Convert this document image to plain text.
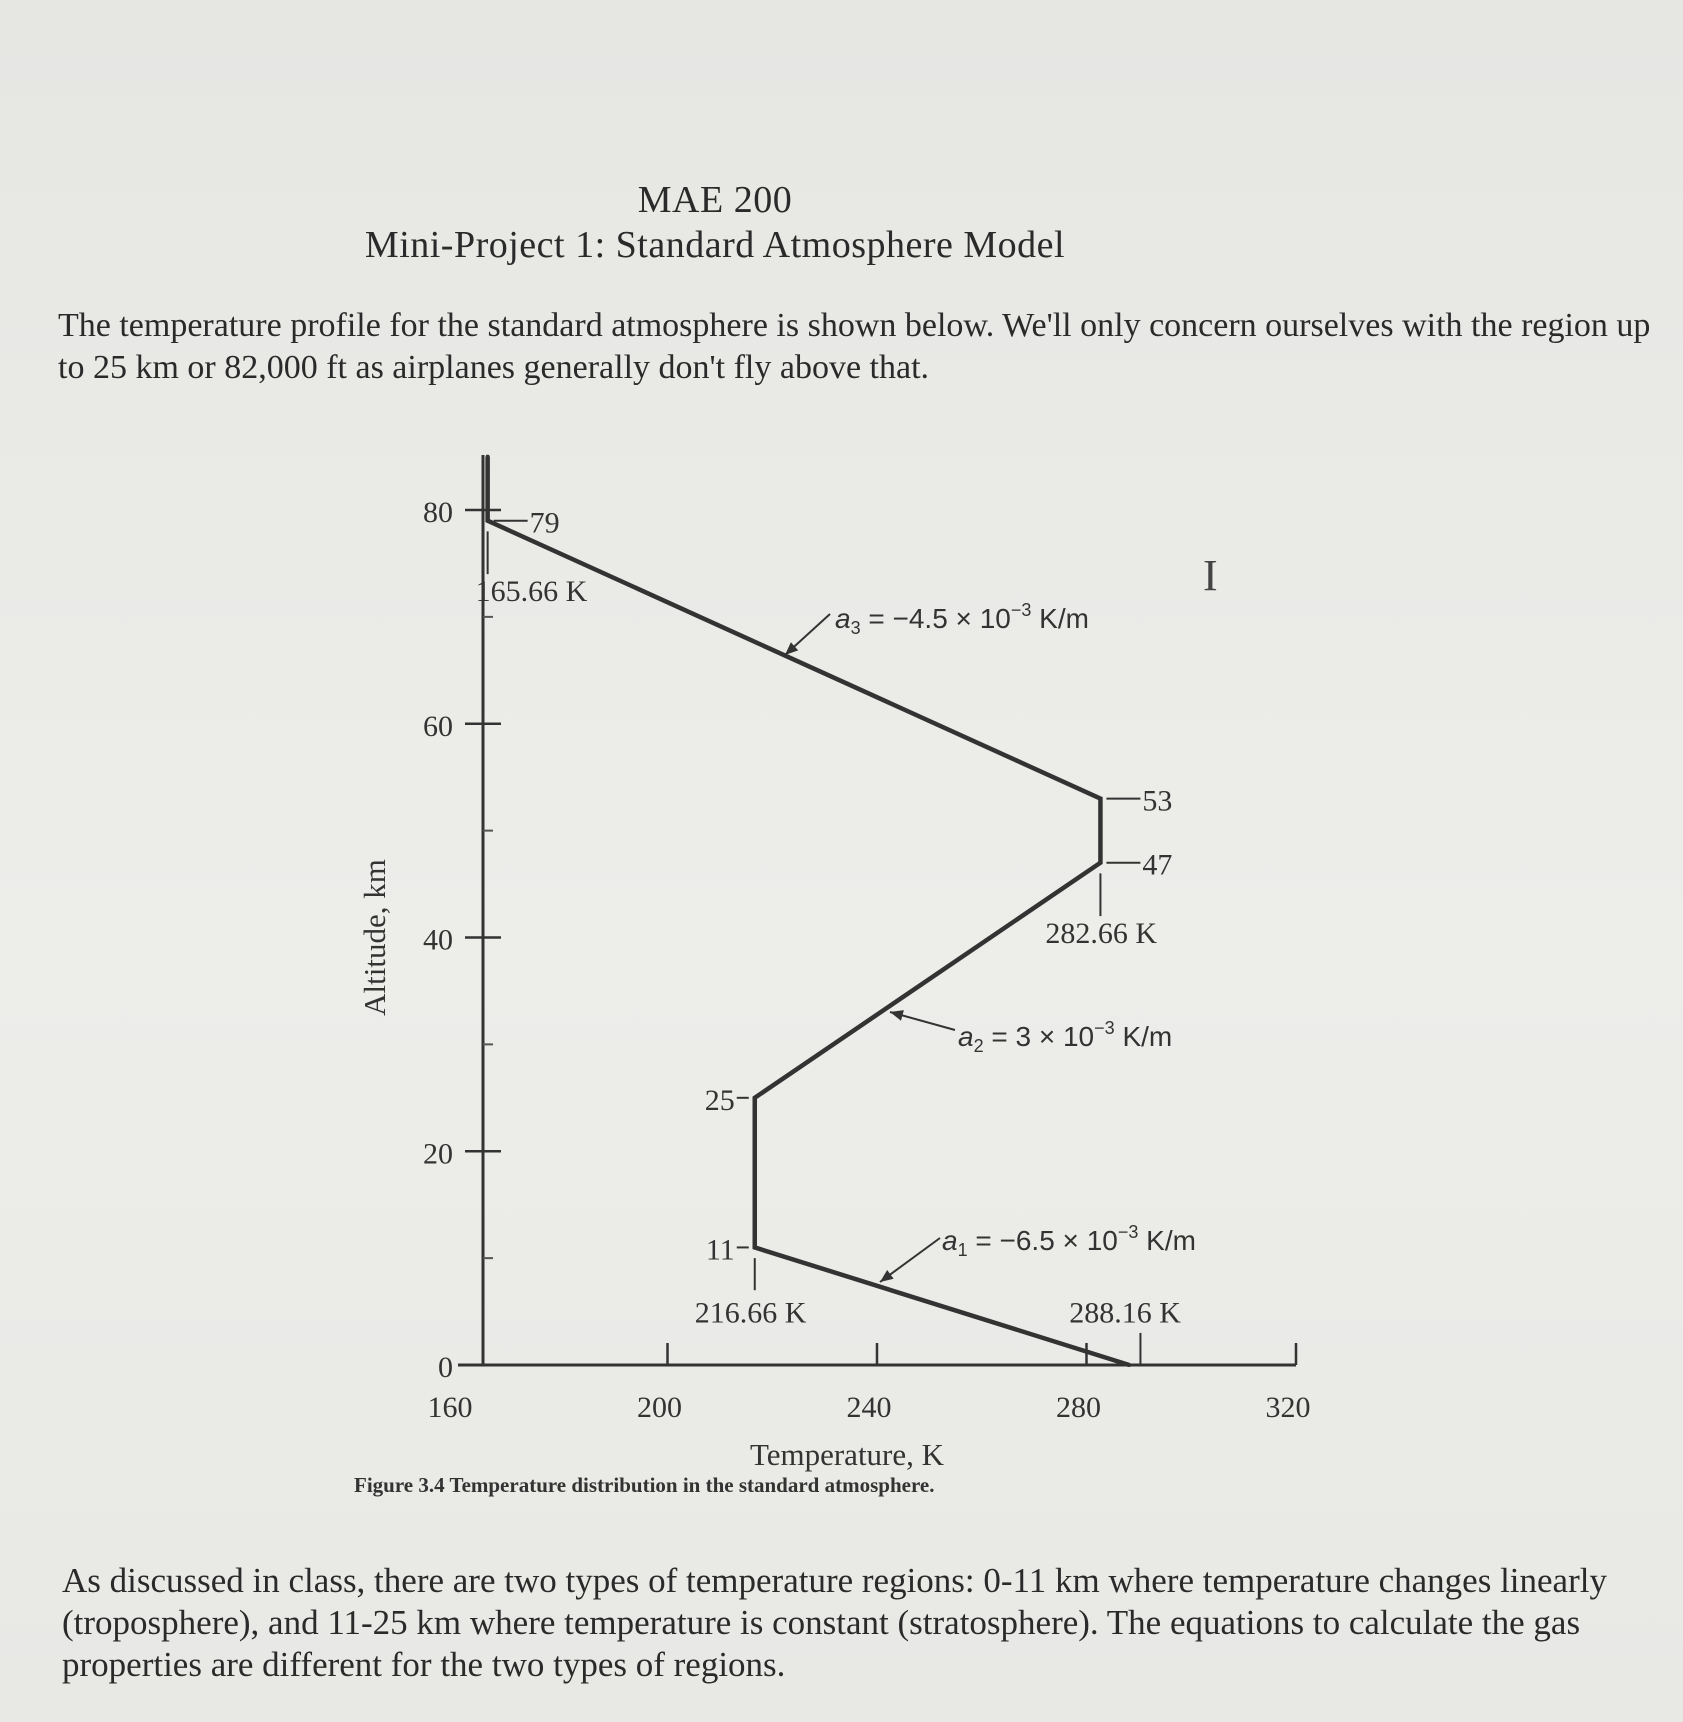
MAE 200
Mini-Project 1: Standard Atmosphere Model
The temperature profile for the standard atmosphere is shown below. We'll only concern ourselves with the region up to 25 km or 82,000 ft as airplanes generally don't fly above that.
160	200	240	280	320
Temperature, K
0
20
40
60
80
Altitude, km
79
53
47
25
11
165.66 K
282.66 K
216.66 K	288.16 K
$a_3 = -4.5 \times 10^{-3}$ K/m
$a_2 = 3 \times 10^{-3}$ K/m
$a_1 = -6.5 \times 10^{-3}$ K/m
I
Figure 3.4 Temperature distribution in the standard atmosphere.
As discussed in class, there are two types of temperature regions: 0-11 km where temperature changes linearly (troposphere), and 11-25 km where temperature is constant (stratosphere). The equations to calculate the gas properties are different for the two types of regions.
